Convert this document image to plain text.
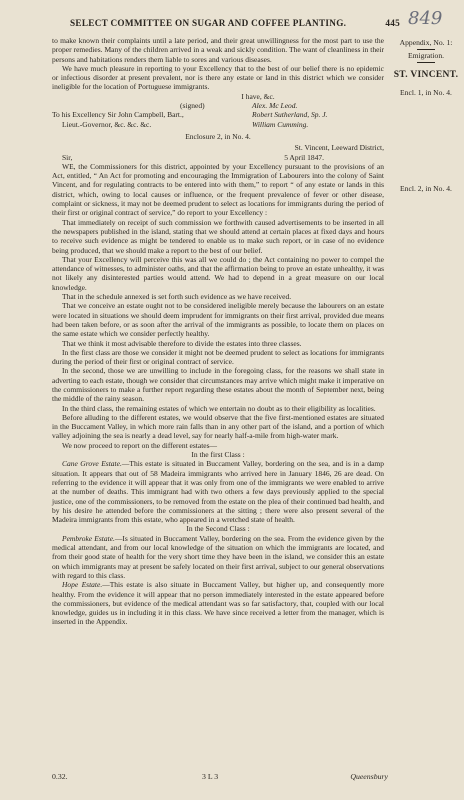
SELECT COMMITTEE ON SUGAR AND COFFEE PLANTING.	445 849
Appendix, No. 1:
Emigration.
ST. VINCENT.
Encl. 1, in No. 4.
Encl. 2, in No. 4.

to make known their complaints until a late period, and their great unwillingness for the most part to use the proper remedies. Many of the children arrived in a weak and sickly condition. The want of cleanliness in their persons and habitations renders them liable to sores and various diseases.

We have much pleasure in reporting to your Excellency that to the best of our belief there is no epidemic or infectious disorder at present prevalent, nor is there any estate or land in this district which we consider ineligible for the location of Portuguese immigrants.

I have, &c.

(signed)	Alex. Mc Leod.
To his Excellency Sir John Campbell, Bart.,	Robert Sutherland, Sp. J.
Lieut.-Governor, &c. &c. &c.	William Cumming.

Enclosure 2, in No. 4.

St. Vincent, Leeward District,

Sir,	5 April 1847.

WE, the Commissioners for this district, appointed by your Excellency pursuant to the provisions of an Act, entitled, “ An Act for promoting and encouraging the Immigration of Labourers into the colony of Saint Vincent, and for regulating contracts to be entered into with them,” to report “ of any estate or lands in this district, which, owing to local causes or influence, or the frequent prevalence of fever or other disease, complaint or sickness, it may not be deemed prudent to select as locations for immigrants during the period of their first or original contract of service,” do report to your Excellency :

That immediately on receipt of such commission we forthwith caused advertisements to be inserted in all the newspapers published in the island, stating that we should attend at certain places at fixed days and hours to receive such evidence as might be tendered to enable us to make such report, or in case of no evidence being produced, that we should make a report to the best of our belief.

That your Excellency will perceive this was all we could do ; the Act containing no power to compel the attendance of witnesses, to administer oaths, and that the affirmation being to prove an estate unhealthy, it was not likely any disinterested parties would attend. We had to depend in a great measure on our local knowledge.

That in the schedule annexed is set forth such evidence as we have received.

That we conceive an estate ought not to be considered ineligible merely because the labourers on an estate were located in situations we should deem imprudent for immigrants on their first arrival, provided due means had been taken before, or as soon after the arrival of the immigrants as possible, to locate them on places on the same estate which we consider perfectly healthy.

That we think it most advisable therefore to divide the estates into three classes.

In the first class are those we consider it might not be deemed prudent to select as locations for immigrants during the period of their first or original contract of service.

In the second, those we are unwilling to include in the foregoing class, for the reasons we shall state in adverting to each estate, though we consider that circumstances may arrive which might make it imperative on the commissioners to make a further report regarding these estates about the month of September next, being the middle of the rainy season.

In the third class, the remaining estates of which we entertain no doubt as to their eligibility as localities.

Before alluding to the different estates, we would observe that the five first-mentioned estates are situated in the Buccament Valley, in which more rain falls than in any other part of the island, and a portion of which valley adjoining the sea is nearly a dead level, say for nearly half-a-mile from high-water mark.

We now proceed to report on the different estates—

In the first Class :

Cane Grove Estate.—This estate is situated in Buccament Valley, bordering on the sea, and is in a damp situation. It appears that out of 58 Madeira immigrants who arrived here in January 1846, 26 are dead. On referring to the evidence it will appear that it was only from one of the immigrants we were enabled to arrive at the number of deaths. This immigrant had with two others a few days previously applied to the special justice, one of the commissioners, to be removed from the estate on the plea of their continued bad health, and by his desire he attended before the commissioners at the sitting ; there were also present several of the Madeira immigrants from this estate, who appeared in a wretched state of health.

In the Second Class :

Pembroke Estate.—Is situated in Buccament Valley, bordering on the sea. From the evidence given by the medical attendant, and from our local knowledge of the situation on which the immigrants are located, and from their good state of health for the very short time they have been in the island, we consider this an estate on which immigrants may at present be safely located on their first arrival, subject to our general observations with regard to this class.

Hope Estate.—This estate is also situate in Buccament Valley, but higher up, and consequently more healthy. From the evidence it will appear that no person immediately interested in the estate appeared before the commissioners, but evidence of the medical attendant was so far satisfactory, that, coupled with our local knowledge, guides us in including it in this class. We have since received a letter from the manager, which is inserted in the Appendix.

0.32.	3 L 3	Queensbury
